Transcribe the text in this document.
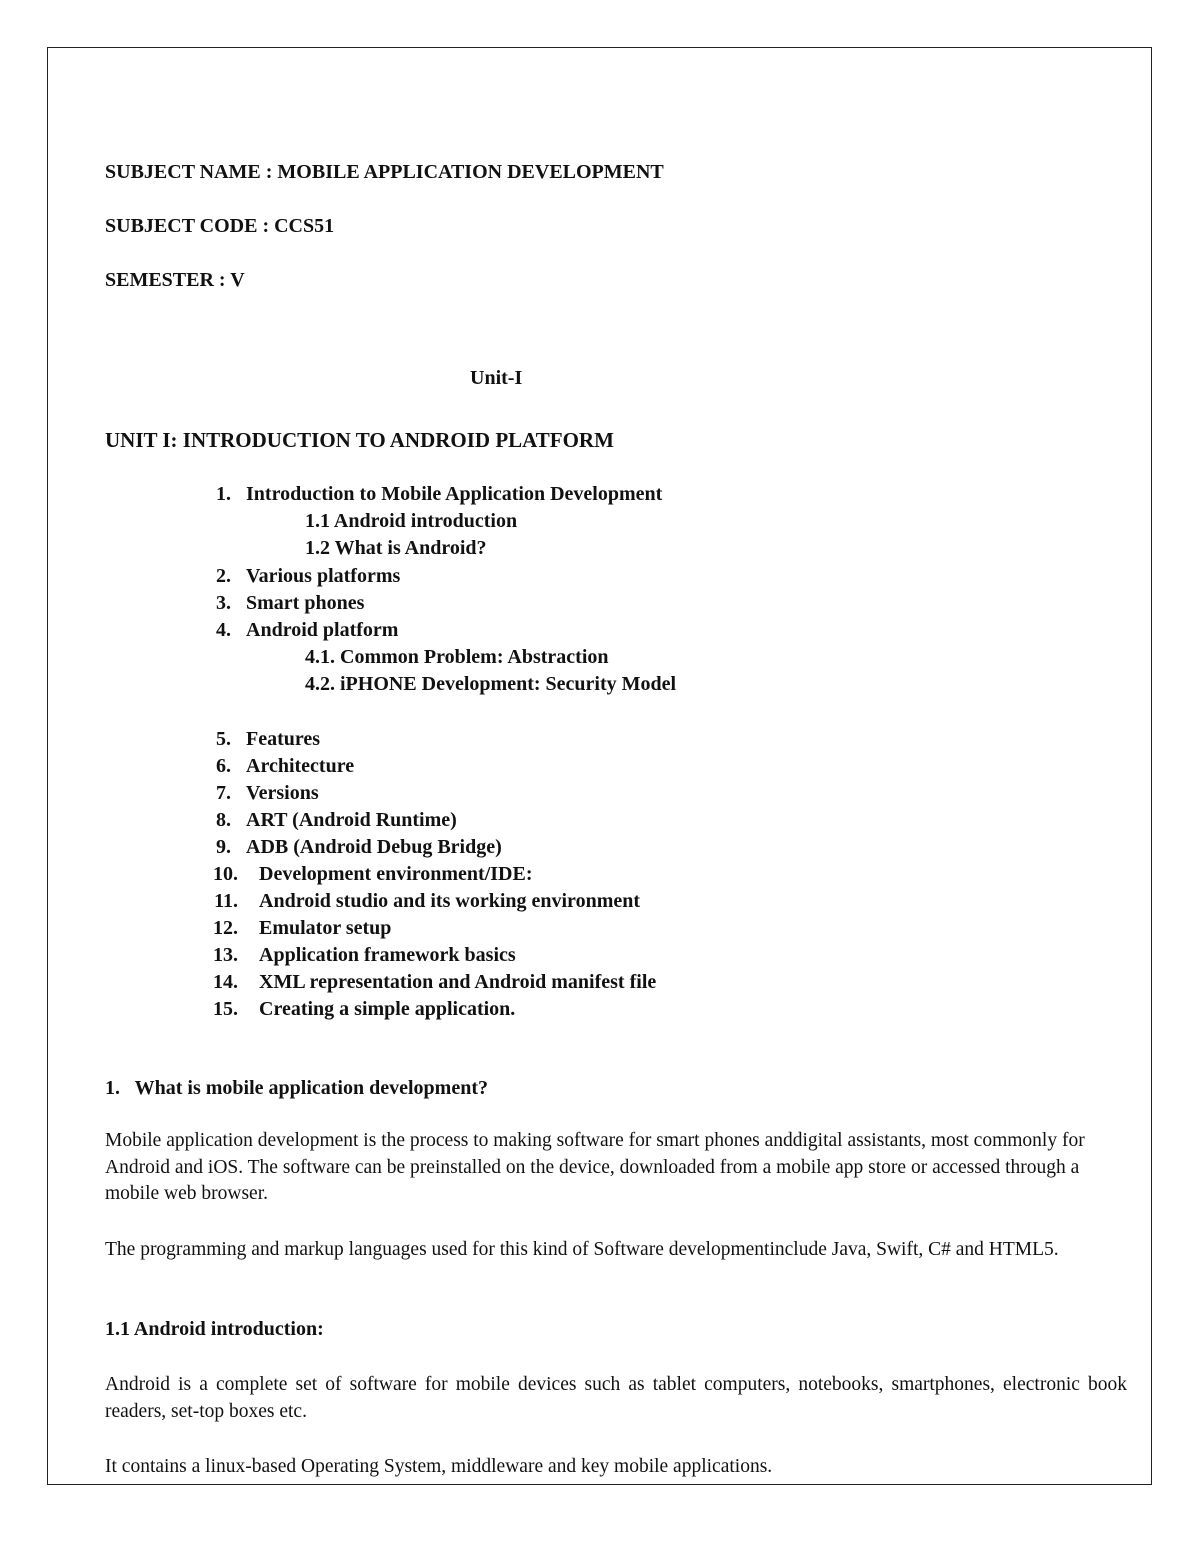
SUBJECT NAME : MOBILE APPLICATION DEVELOPMENT
SUBJECT CODE : CCS51
SEMESTER : V
Unit-I
UNIT I: INTRODUCTION TO ANDROID PLATFORM
1. Introduction to Mobile Application Development
1.1 Android introduction
1.2 What is Android?
2. Various platforms
3. Smart phones
4. Android platform
4.1. Common Problem: Abstraction
4.2. iPHONE Development: Security Model
5. Features
6. Architecture
7. Versions
8. ART (Android Runtime)
9. ADB (Android Debug Bridge)
10. Development environment/IDE:
11. Android studio and its working environment
12. Emulator setup
13. Application framework basics
14. XML representation and Android manifest file
15. Creating a simple application.
1. What is mobile application development?

Mobile application development is the process to making software for smart phones anddigital assistants, most commonly for Android and iOS. The software can be preinstalled on the device, downloaded from a mobile app store or accessed through a mobile web browser.

The programming and markup languages used for this kind of Software developmentinclude Java, Swift, C# and HTML5.

1.1 Android introduction:

Android is a complete set of software for mobile devices such as tablet computers, notebooks, smartphones, electronic book readers, set-top boxes etc.

It contains a linux-based Operating System, middleware and key mobile applications.
